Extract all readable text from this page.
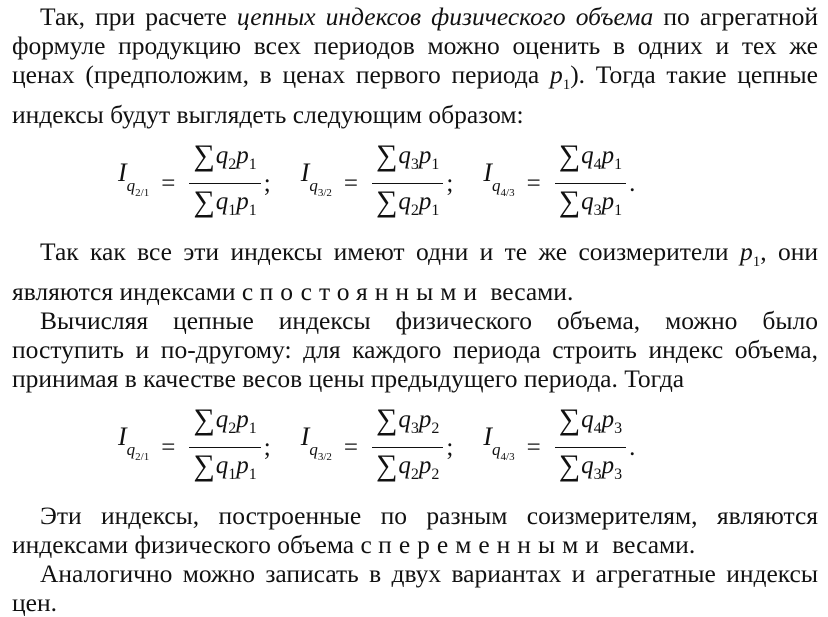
Так, при расчете цепных индексов физического объема по агрегатной формуле продукцию всех периодов можно оценить в одних и тех же ценах (предположим, в ценах первого периода $p_1$). Тогда такие цепные индексы будут выглядеть следующим образом:

$I_{q_{2/1}} = \frac{\sum q_2p_1}{\sum q_1p_1}$ ; $I_{q_{3/2}} = \frac{\sum q_3p_1}{\sum q_2p_1}$ ; $I_{q_{4/3}} = \frac{\sum q_4p_1}{\sum q_3p_1}$ .

Так как все эти индексы имеют одни и те же соизмерители $p_1$, они являются индексами с постоянными весами.

Вычисляя цепные индексы физического объема, можно было поступить и по-другому: для каждого периода строить индекс объема, принимая в качестве весов цены предыдущего периода. Тогда

$I_{q_{2/1}} = \frac{\sum q_2p_1}{\sum q_1p_1}$ ; $I_{q_{3/2}} = \frac{\sum q_3p_2}{\sum q_2p_2}$ ; $I_{q_{4/3}} = \frac{\sum q_4p_3}{\sum q_3p_3}$ .

Эти индексы, построенные по разным соизмерителям, являются индексами физического объема с переменными весами.

Аналогично можно записать в двух вариантах и агрегатные индексы цен.
